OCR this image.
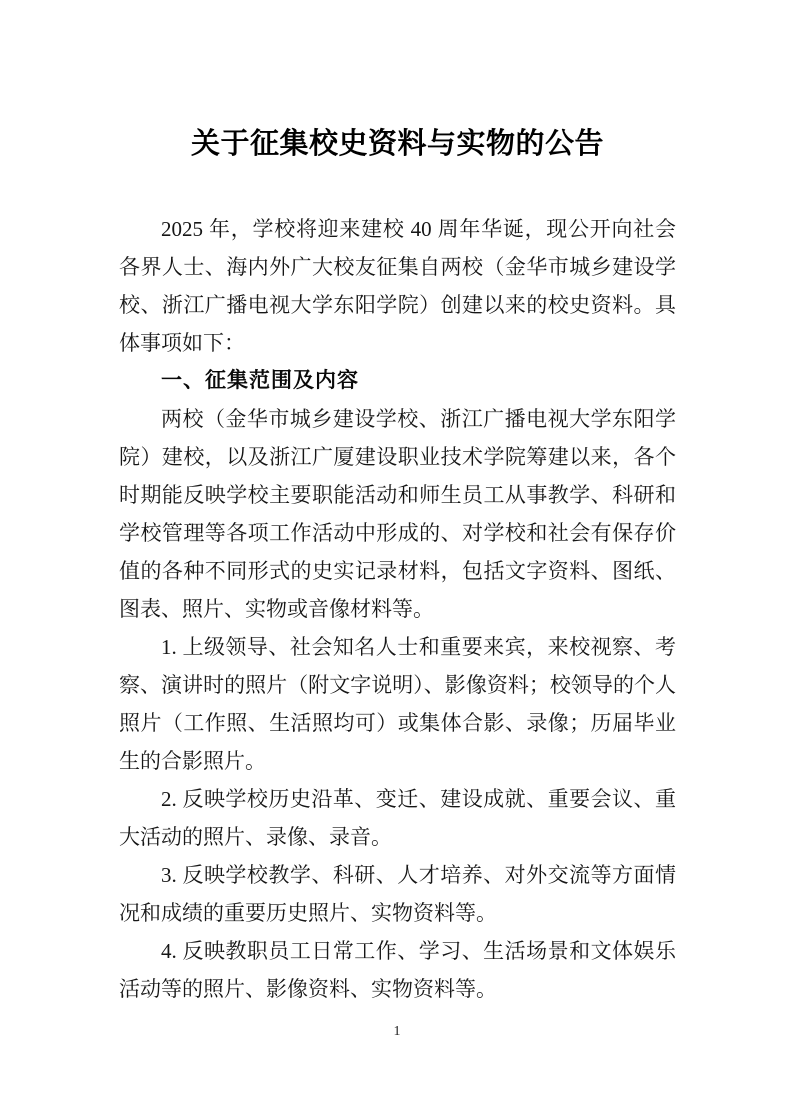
关于征集校史资料与实物的公告

2025 年，学校将迎来建校 40 周年华诞，现公开向社会各界人士、海内外广大校友征集自两校（金华市城乡建设学校、浙江广播电视大学东阳学院）创建以来的校史资料。具体事项如下：

一、征集范围及内容

两校（金华市城乡建设学校、浙江广播电视大学东阳学院）建校，以及浙江广厦建设职业技术学院筹建以来，各个时期能反映学校主要职能活动和师生员工从事教学、科研和学校管理等各项工作活动中形成的、对学校和社会有保存价值的各种不同形式的史实记录材料，包括文字资料、图纸、图表、照片、实物或音像材料等。

1. 上级领导、社会知名人士和重要来宾，来校视察、考察、演讲时的照片（附文字说明）、影像资料；校领导的个人照片（工作照、生活照均可）或集体合影、录像；历届毕业生的合影照片。

2. 反映学校历史沿革、变迁、建设成就、重要会议、重大活动的照片、录像、录音。

3. 反映学校教学、科研、人才培养、对外交流等方面情况和成绩的重要历史照片、实物资料等。

4. 反映教职员工日常工作、学习、生活场景和文体娱乐活动等的照片、影像资料、实物资料等。

1
